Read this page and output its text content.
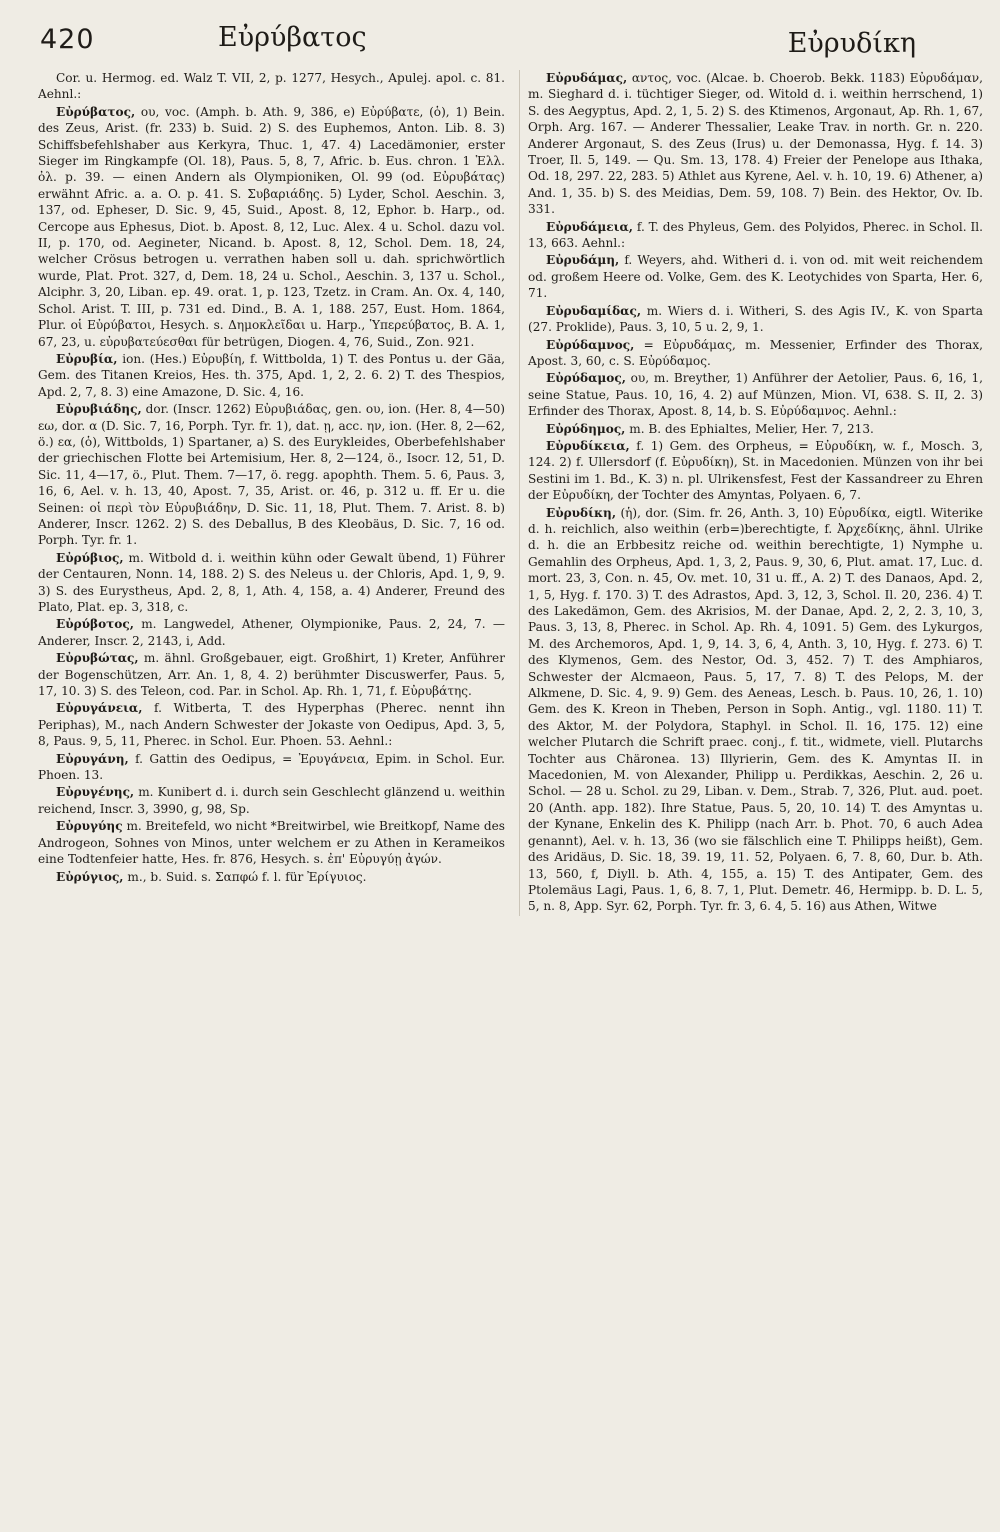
420	Εὐρύβατος	Εὐρυδίκη

Cor. u. Hermog. ed. Walz T. VII, 2, p. 1277, Hesych., Apulej. apol. c. 81. Aehnl.:

Εὐρύβατος, ου, voc. (Amph. b. Ath. 9, 386, e) Εὐρύβατε, (ὁ), 1) Bein. des Zeus, Arist. (fr. 233) b. Suid. 2) S. des Euphemos, Anton. Lib. 8. 3) Schiffsbefehlshaber aus Kerkyra, Thuc. 1, 47. 4) Lacedämonier, erster Sieger im Ringkampfe (Ol. 18), Paus. 5, 8, 7, Afric. b. Eus. chron. 1 Ἑλλ. ὀλ. p. 39. — einen Andern als Olympioniken, Ol. 99 (od. Εὐρυβάτας) erwähnt Afric. a. a. O. p. 41. S. Συβαριάδης. 5) Lyder, Schol. Aeschin. 3, 137, od. Epheser, D. Sic. 9, 45, Suid., Apost. 8, 12, Ephor. b. Harp., od. Cercope aus Ephesus, Diot. b. Apost. 8, 12, Luc. Alex. 4 u. Schol. dazu vol. II, p. 170, od. Aegineter, Nicand. b. Apost. 8, 12, Schol. Dem. 18, 24, welcher Crösus betrogen u. verrathen haben soll u. dah. sprichwörtlich wurde, Plat. Prot. 327, d, Dem. 18, 24 u. Schol., Aeschin. 3, 137 u. Schol., Alciphr. 3, 20, Liban. ep. 49. orat. 1, p. 123, Tzetz. in Cram. An. Ox. 4, 140, Schol. Arist. T. III, p. 731 ed. Dind., B. A. 1, 188. 257, Eust. Hom. 1864, Plur. οἱ Εὐρύβατοι, Hesych. s. Δημοκλεῖδαι u. Harp., Ὑπερεύβατος, B. A. 1, 67, 23, u. εὐρυβατεύεσθαι für betrügen, Diogen. 4, 76, Suid., Zon. 921.

Εὐρυβία, ion. (Hes.) Εὐρυβίη, f. Wittbolda, 1) T. des Pontus u. der Gäa, Gem. des Titanen Kreios, Hes. th. 375, Apd. 1, 2, 2. 6. 2) T. des Thespios, Apd. 2, 7, 8. 3) eine Amazone, D. Sic. 4, 16.

Εὐρυβιάδης, dor. (Inscr. 1262) Εὐρυβιάδας, gen. ου, ion. (Her. 8, 4—50) εω, dor. α (D. Sic. 7, 16, Porph. Tyr. fr. 1), dat. ῃ, acc. ην, ion. (Her. 8, 2—62, ö.) εα, (ὁ), Wittbolds, 1) Spartaner, a) S. des Eurykleides, Oberbefehlshaber der griechischen Flotte bei Artemisium, Her. 8, 2—124, ö., Isocr. 12, 51, D. Sic. 11, 4—17, ö., Plut. Them. 7—17, ö. regg. apophth. Them. 5. 6, Paus. 3, 16, 6, Ael. v. h. 13, 40, Apost. 7, 35, Arist. or. 46, p. 312 u. ff. Er u. die Seinen: οἱ περὶ τὸν Εὐρυβιάδην, D. Sic. 11, 18, Plut. Them. 7. Arist. 8. b) Anderer, Inscr. 1262. 2) S. des Deballus, B des Kleobäus, D. Sic. 7, 16 od. Porph. Tyr. fr. 1.

Εὐρύβιος, m. Witbold d. i. weithin kühn oder Gewalt übend, 1) Führer der Centauren, Nonn. 14, 188. 2) S. des Neleus u. der Chloris, Apd. 1, 9, 9. 3) S. des Eurystheus, Apd. 2, 8, 1, Ath. 4, 158, a. 4) Anderer, Freund des Plato, Plat. ep. 3, 318, c.

Εὐρύβοτος, m. Langwedel, Athener, Olympionike, Paus. 2, 24, 7. — Anderer, Inscr. 2, 2143, i, Add.

Εὐρυβώτας, m. ähnl. Großgebauer, eigt. Großhirt, 1) Kreter, Anführer der Bogenschützen, Arr. An. 1, 8, 4. 2) berühmter Discuswerfer, Paus. 5, 17, 10. 3) S. des Teleon, cod. Par. in Schol. Ap. Rh. 1, 71, f. Εὐρυβάτης.

Εὐρυγάνεια, f. Witberta, T. des Hyperphas (Pherec. nennt ihn Periphas), M., nach Andern Schwester der Jokaste von Oedipus, Apd. 3, 5, 8, Paus. 9, 5, 11, Pherec. in Schol. Eur. Phoen. 53. Aehnl.:

Εὐρυγάνη, f. Gattin des Oedipus, = Ἐρυγάνεια, Epim. in Schol. Eur. Phoen. 13.

Εὐρυγένης, m. Kunibert d. i. durch sein Geschlecht glänzend u. weithin reichend, Inscr. 3, 3990, g, 98, Sp.

Εὐρυγύης m. Breitefeld, wo nicht *Breitwirbel, wie Breitkopf, Name des Androgeon, Sohnes von Minos, unter welchem er zu Athen in Kerameikos eine Todtenfeier hatte, Hes. fr. 876, Hesych. s. ἐπ' Εὐρυγύῃ ἀγών.

Εὐρύγιος, m., b. Suid. s. Σαπφώ f. l. für Ἐρίγυιος.

Εὐρυδάμας, αντος, voc. (Alcae. b. Choerob. Bekk. 1183) Εὐρυδάμαν, m. Sieghard d. i. tüchtiger Sieger, od. Witold d. i. weithin herrschend, 1) S. des Aegyptus, Apd. 2, 1, 5. 2) S. des Ktimenos, Argonaut, Ap. Rh. 1, 67, Orph. Arg. 167. — Anderer Thessalier, Leake Trav. in north. Gr. n. 220. Anderer Argonaut, S. des Zeus (Irus) u. der Demonassa, Hyg. f. 14. 3) Troer, Il. 5, 149. — Qu. Sm. 13, 178. 4) Freier der Penelope aus Ithaka, Od. 18, 297. 22, 283. 5) Athlet aus Kyrene, Ael. v. h. 10, 19. 6) Athener, a) And. 1, 35. b) S. des Meidias, Dem. 59, 108. 7) Bein. des Hektor, Ov. Ib. 331.

Εὐρυδάμεια, f. T. des Phyleus, Gem. des Polyidos, Pherec. in Schol. Il. 13, 663. Aehnl.:

Εὐρυδάμη, f. Weyers, ahd. Witheri d. i. von od. mit weit reichendem od. großem Heere od. Volke, Gem. des K. Leotychides von Sparta, Her. 6, 71.

Εὐρυδαμίδας, m. Wiers d. i. Witheri, S. des Agis IV., K. von Sparta (27. Proklide), Paus. 3, 10, 5 u. 2, 9, 1.

Εὐρύδαμνος, = Εὐρυδάμας, m. Messenier, Erfinder des Thorax, Apost. 3, 60, c. S. Εὐρύδαμος.

Εὐρύδαμος, ου, m. Breyther, 1) Anführer der Aetolier, Paus. 6, 16, 1, seine Statue, Paus. 10, 16, 4. 2) auf Münzen, Mion. VI, 638. S. II, 2. 3) Erfinder des Thorax, Apost. 8, 14, b. S. Εὐρύδαμνος. Aehnl.:

Εὐρύδημος, m. B. des Ephialtes, Melier, Her. 7, 213.

Εὐρυδίκεια, f. 1) Gem. des Orpheus, = Εὐρυδίκη, w. f., Mosch. 3, 124. 2) f. Ullersdorf (f. Εὐρυδίκη), St. in Macedonien. Münzen von ihr bei Sestini im 1. Bd., K. 3) n. pl. Ulrikensfest, Fest der Kassandreer zu Ehren der Εὐρυδίκη, der Tochter des Amyntas, Polyaen. 6, 7.

Εὐρυδίκη, (ἡ), dor. (Sim. fr. 26, Anth. 3, 10) Εὐρυδίκα, eigtl. Witerike d. h. reichlich, also weithin (erb=)berechtigte, f. Ἀρχεδίκης, ähnl. Ulrike d. h. die an Erbbesitz reiche od. weithin berechtigte, 1) Nymphe u. Gemahlin des Orpheus, Apd. 1, 3, 2, Paus. 9, 30, 6, Plut. amat. 17, Luc. d. mort. 23, 3, Con. n. 45, Ov. met. 10, 31 u. ff., A. 2) T. des Danaos, Apd. 2, 1, 5, Hyg. f. 170. 3) T. des Adrastos, Apd. 3, 12, 3, Schol. Il. 20, 236. 4) T. des Lakedämon, Gem. des Akrisios, M. der Danae, Apd. 2, 2, 2. 3, 10, 3, Paus. 3, 13, 8, Pherec. in Schol. Ap. Rh. 4, 1091. 5) Gem. des Lykurgos, M. des Archemoros, Apd. 1, 9, 14. 3, 6, 4, Anth. 3, 10, Hyg. f. 273. 6) T. des Klymenos, Gem. des Nestor, Od. 3, 452. 7) T. des Amphiaros, Schwester der Alcmaeon, Paus. 5, 17, 7. 8) T. des Pelops, M. der Alkmene, D. Sic. 4, 9. 9) Gem. des Aeneas, Lesch. b. Paus. 10, 26, 1. 10) Gem. des K. Kreon in Theben, Person in Soph. Antig., vgl. 1180. 11) T. des Aktor, M. der Polydora, Staphyl. in Schol. Il. 16, 175. 12) eine welcher Plutarch die Schrift praec. conj., f. tit., widmete, viell. Plutarchs Tochter aus Chäronea. 13) Illyrierin, Gem. des K. Amyntas II. in Macedonien, M. von Alexander, Philipp u. Perdikkas, Aeschin. 2, 26 u. Schol. — 28 u. Schol. zu 29, Liban. v. Dem., Strab. 7, 326, Plut. aud. poet. 20 (Anth. app. 182). Ihre Statue, Paus. 5, 20, 10. 14) T. des Amyntas u. der Kynane, Enkelin des K. Philipp (nach Arr. b. Phot. 70, 6 auch Adea genannt), Ael. v. h. 13, 36 (wo sie fälschlich eine T. Philipps heißt), Gem. des Aridäus, D. Sic. 18, 39. 19, 11. 52, Polyaen. 6, 7. 8, 60, Dur. b. Ath. 13, 560, f, Diyll. b. Ath. 4, 155, a. 15) T. des Antipater, Gem. des Ptolemäus Lagi, Paus. 1, 6, 8. 7, 1, Plut. Demetr. 46, Hermipp. b. D. L. 5, 5, n. 8, App. Syr. 62, Porph. Tyr. fr. 3, 6. 4, 5. 16) aus Athen, Witwe
